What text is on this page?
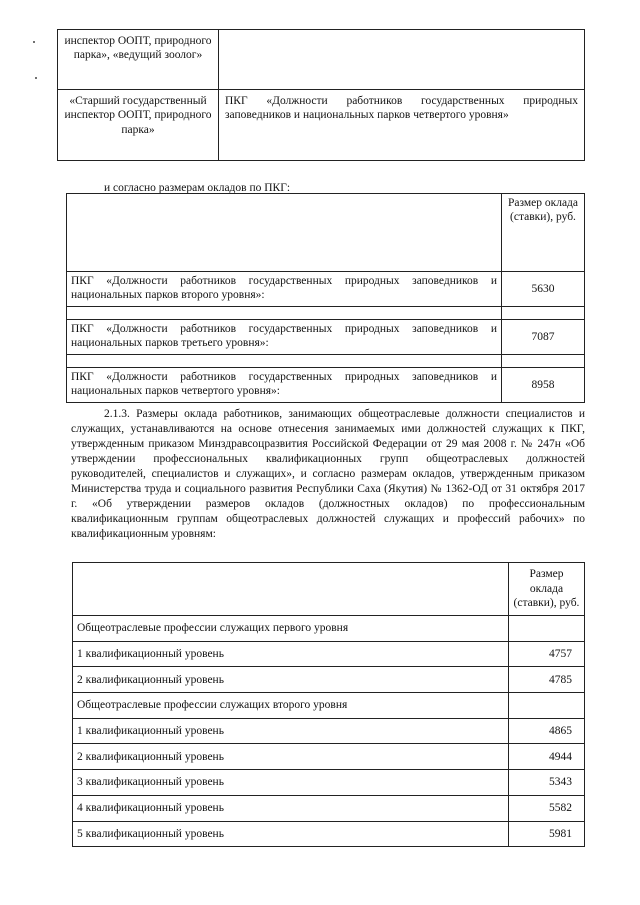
инспектор ООПТ, природного парка», «ведущий зоолог»	
«Старший государственный инспектор ООПТ, природного парка»	ПКГ «Должности работников государственных природных заповедников и национальных парков четвертого уровня»
и согласно размерам окладов по ПКГ:
	Размер оклада (ставки), руб.
ПКГ «Должности работников государственных природных заповедников и национальных парков второго уровня»:	5630

ПКГ «Должности работников государственных природных заповедников и национальных парков третьего уровня»:	7087

ПКГ «Должности работников государственных природных заповедников и национальных парков четвертого уровня»:	8958
2.1.3. Размеры оклада работников, занимающих общеотраслевые должности специалистов и служащих, устанавливаются на основе отнесения занимаемых ими должностей служащих к ПКГ, утвержденным приказом Минздравсоцразвития Российской Федерации от 29 мая 2008 г. № 247н «Об утверждении профессиональных квалификационных групп общеотраслевых должностей руководителей, специалистов и служащих», и согласно размерам окладов, утвержденным приказом Министерства труда и социального развития Республики Саха (Якутия) № 1362-ОД от 31 октября 2017 г. «Об утверждении размеров окладов (должностных окладов) по профессиональным квалификационным группам общеотраслевых должностей служащих и профессий рабочих» по квалификационным уровням:
	Размер оклада (ставки), руб.
Общеотраслевые профессии служащих первого уровня	
1 квалификационный уровень	4757
2 квалификационный уровень	4785
Общеотраслевые профессии служащих второго уровня	
1 квалификационный уровень	4865
2 квалификационный уровень	4944
3 квалификационный уровень	5343
4 квалификационный уровень	5582
5 квалификационный уровень	5981
